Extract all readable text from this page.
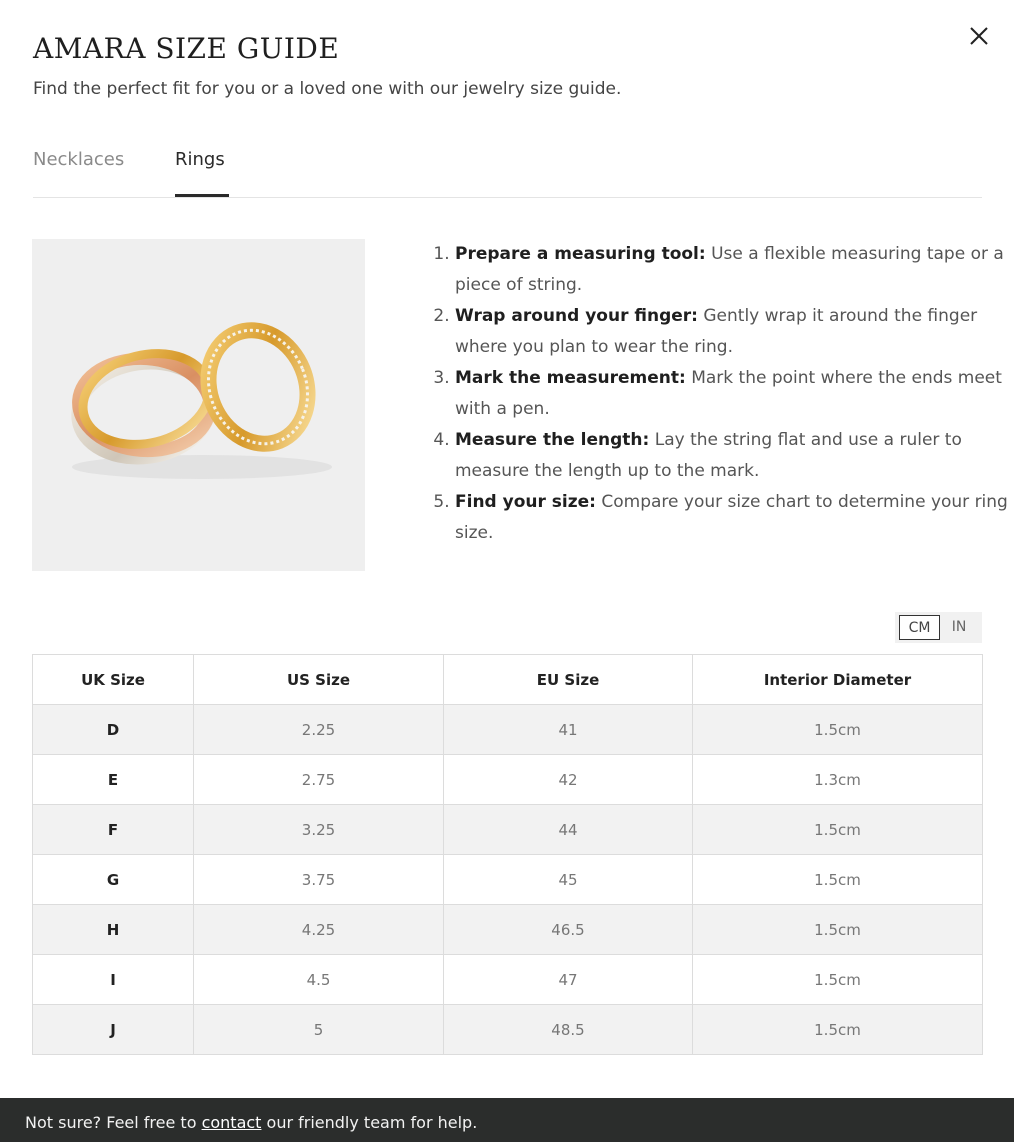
AMARA SIZE GUIDE

Find the perfect fit for you or a loved one with our jewelry size guide.

Necklaces	Rings
1. Prepare a measuring tool: Use a flexible measuring tape or a piece of string.
2. Wrap around your finger: Gently wrap it around the finger where you plan to wear the ring.
3. Mark the measurement: Mark the point where the ends meet with a pen.
4. Measure the length: Lay the string flat and use a ruler to measure the length up to the mark.
5. Find your size: Compare your size chart to determine your ring size.
CM	IN
UK Size	US Size	EU Size	Interior Diameter
D	2.25	41	1.5cm
E	2.75	42	1.3cm
F	3.25	44	1.5cm
G	3.75	45	1.5cm
H	4.25	46.5	1.5cm
I	4.5	47	1.5cm
J	5	48.5	1.5cm
Not sure? Feel free to contact our friendly team for help.
